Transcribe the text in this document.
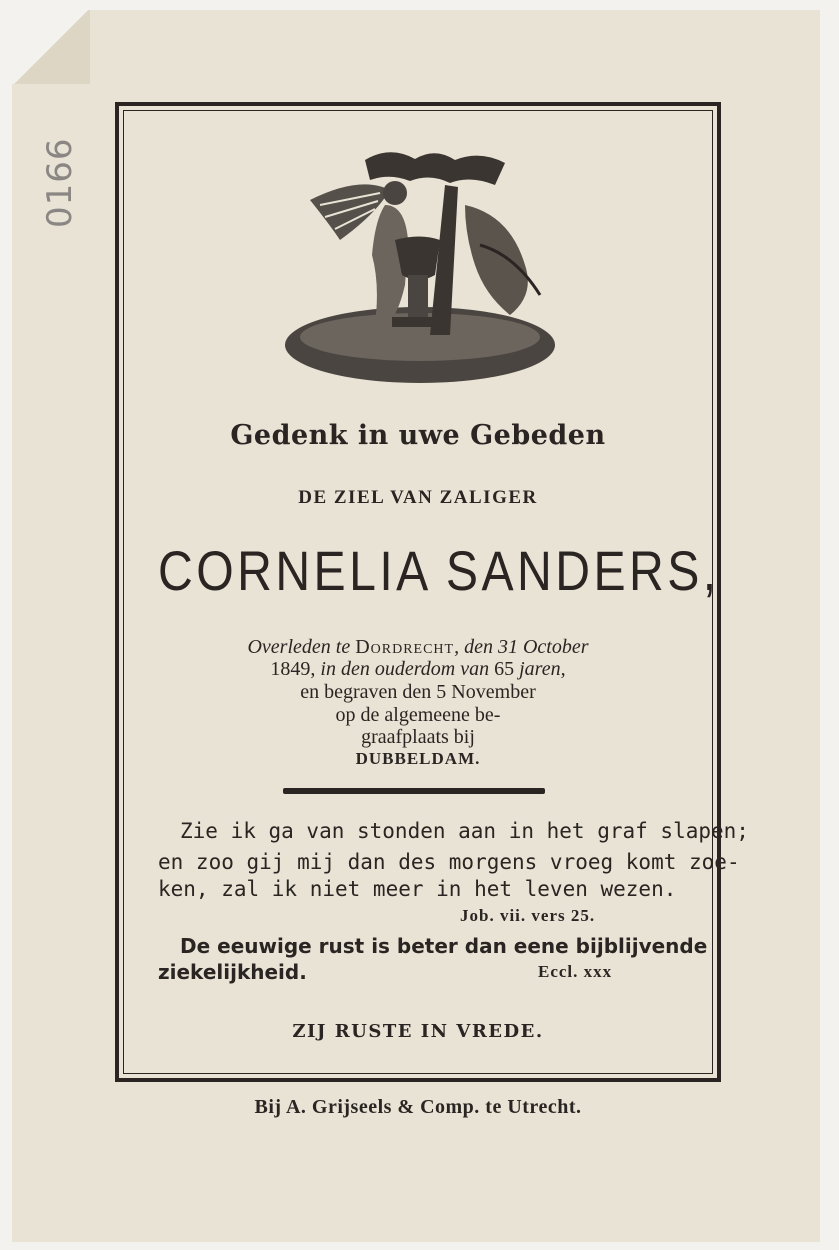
0166
Gedenk in uwe Gebeden
DE ZIEL VAN ZALIGER
CORNELIA SANDERS,
Overleden te Dordrecht, den 31 October
1849, in den ouderdom van 65 jaren,
en begraven den 5 November
op de algemeene be-
graafplaats bij
DUBBELDAM.
Zie ik ga van stonden aan in het graf slapen;
en zoo gij mij dan des morgens vroeg komt zoe-
ken, zal ik niet meer in het leven wezen.
Job. vii. vers 25.
De eeuwige rust is beter dan eene bijblijvende
ziekelijkheid.	Eccl. xxx
ZIJ RUSTE IN VREDE.
Bij A. Grijseels & Comp. te Utrecht.
